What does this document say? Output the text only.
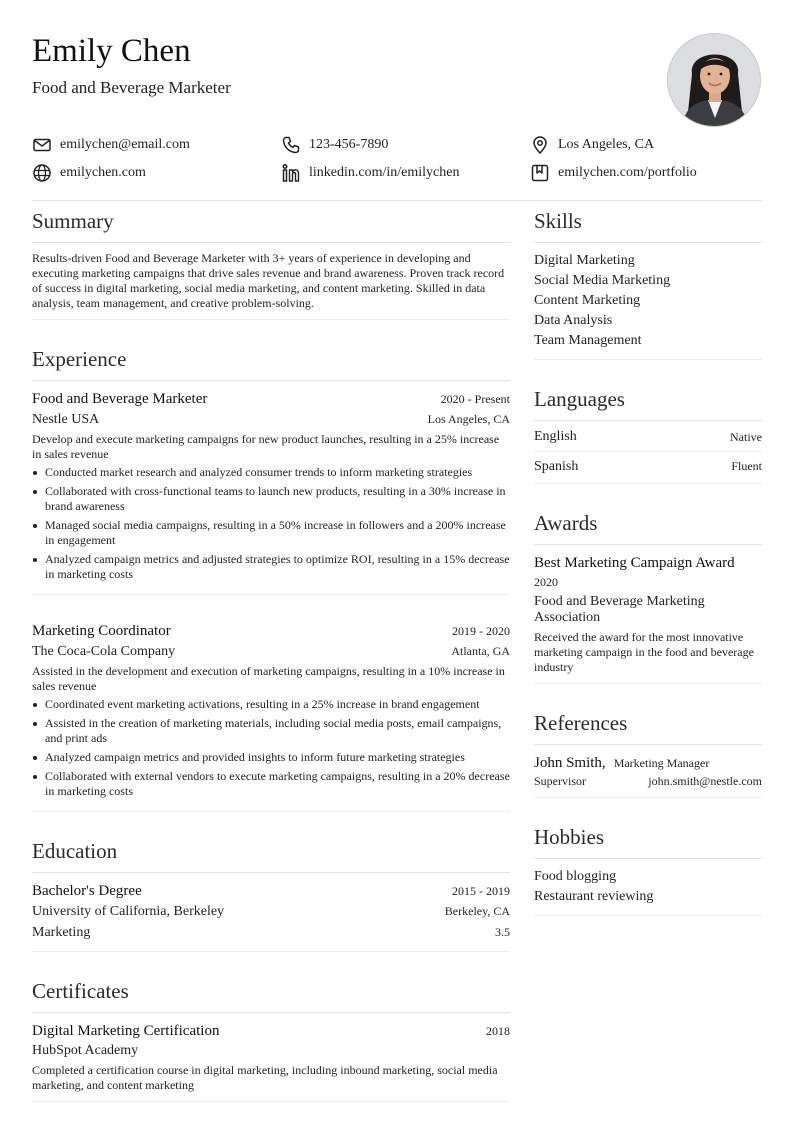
Emily Chen
Food and Beverage Marketer
emilychen@email.com	123-456-7890	Los Angeles, CA
emilychen.com	linkedin.com/in/emilychen	emilychen.com/portfolio
Summary

Results-driven Food and Beverage Marketer with 3+ years of experience in developing and executing marketing campaigns that drive sales revenue and brand awareness. Proven track record of success in digital marketing, social media marketing, and content marketing. Skilled in data analysis, team management, and creative problem-solving.

Experience
Food and Beverage Marketer	2020 - Present
Nestle USA	Los Angeles, CA

Develop and execute marketing campaigns for new product launches, resulting in a 25% increase in sales revenue

Conducted market research and analyzed consumer trends to inform marketing strategies
Collaborated with cross-functional teams to launch new products, resulting in a 30% increase in brand awareness
Managed social media campaigns, resulting in a 50% increase in followers and a 200% increase in engagement
Analyzed campaign metrics and adjusted strategies to optimize ROI, resulting in a 15% decrease in marketing costs
Marketing Coordinator	2019 - 2020
The Coca-Cola Company	Atlanta, GA

Assisted in the development and execution of marketing campaigns, resulting in a 10% increase in sales revenue

Coordinated event marketing activations, resulting in a 25% increase in brand engagement
Assisted in the creation of marketing materials, including social media posts, email campaigns, and print ads
Analyzed campaign metrics and provided insights to inform future marketing strategies
Collaborated with external vendors to execute marketing campaigns, resulting in a 20% decrease in marketing costs
Education
Bachelor's Degree	2015 - 2019
University of California, Berkeley	Berkeley, CA
Marketing	3.5
Certificates
Digital Marketing Certification	2018
HubSpot Academy

Completed a certification course in digital marketing, including inbound marketing, social media marketing, and content marketing

Skills
Digital Marketing
Social Media Marketing
Content Marketing
Data Analysis
Team Management
Languages
English	Native
Spanish	Fluent
Awards
Best Marketing Campaign Award
2020
Food and Beverage Marketing Association

Received the award for the most innovative marketing campaign in the food and beverage industry

References
John Smith, Marketing Manager
Supervisor	john.smith@nestle.com
Hobbies
Food blogging
Restaurant reviewing
